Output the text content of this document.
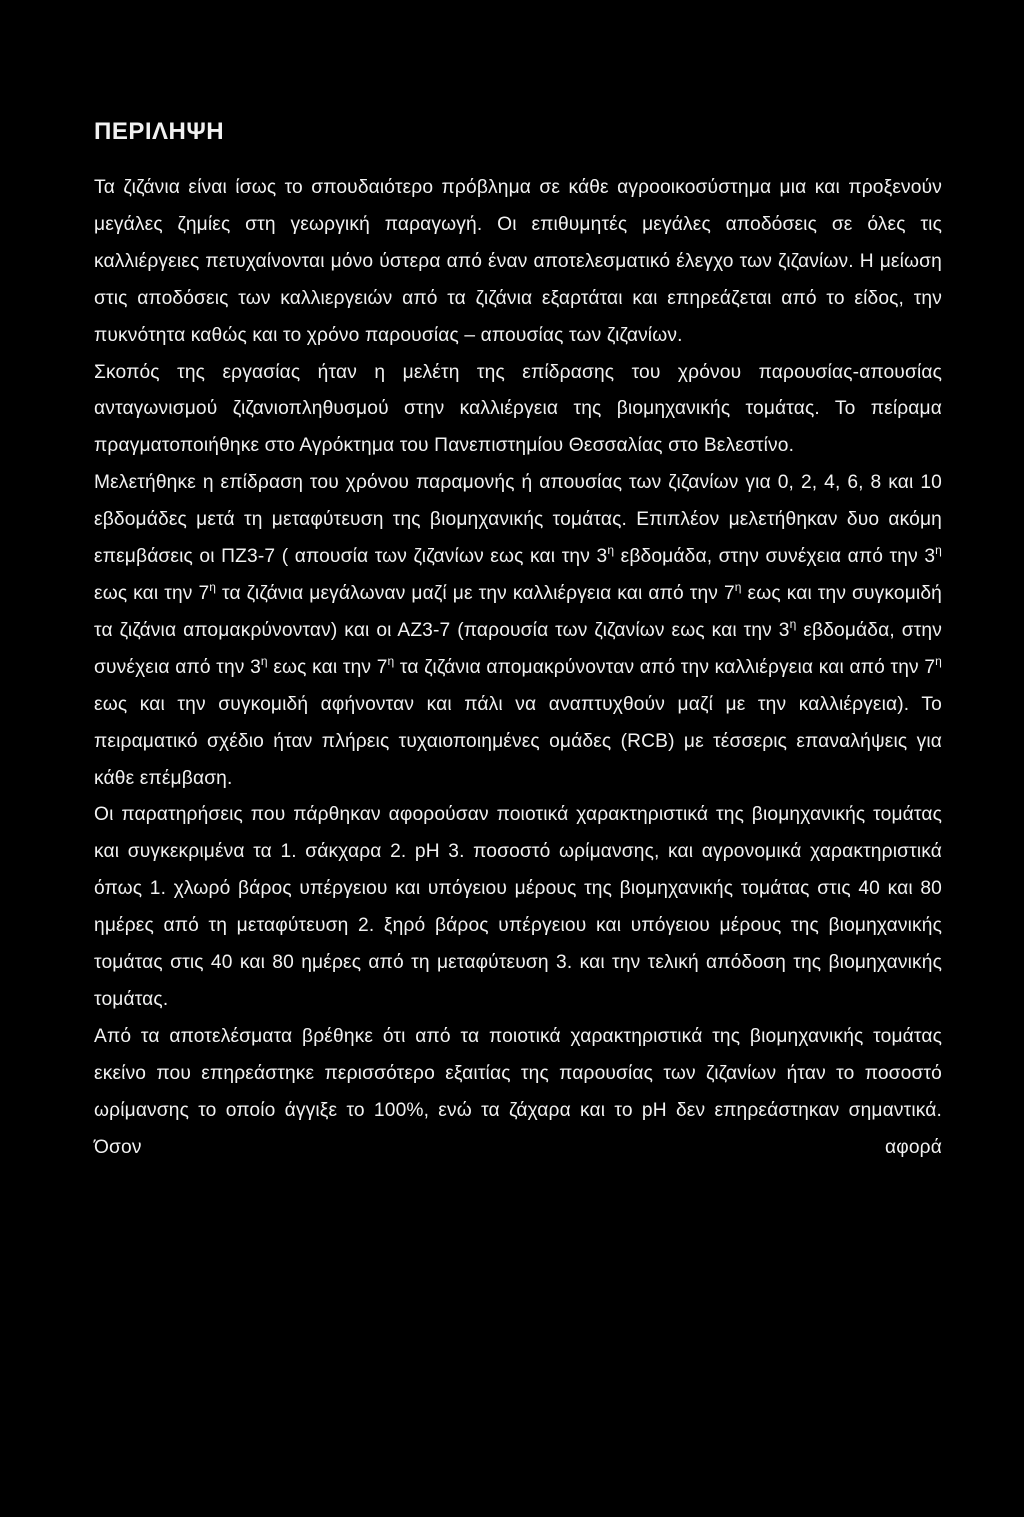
ΠΕΡΙΛΗΨΗ

Τα ζιζάνια είναι ίσως το σπουδαιότερο πρόβλημα σε κάθε αγροοικοσύστημα μια και προξενούν μεγάλες ζημίες στη γεωργική παραγωγή. Οι επιθυμητές μεγάλες αποδόσεις σε όλες τις καλλιέργειες πετυχαίνονται μόνο ύστερα από έναν αποτελεσματικό έλεγχο των ζιζανίων. Η μείωση στις αποδόσεις των καλλιεργειών από τα ζιζάνια εξαρτάται και επηρεάζεται από το είδος, την πυκνότητα καθώς και το χρόνο παρουσίας – απουσίας των ζιζανίων.

Σκοπός της εργασίας ήταν η μελέτη της επίδρασης του χρόνου παρουσίας-απουσίας ανταγωνισμού ζιζανιοπληθυσμού στην καλλιέργεια της βιομηχανικής τομάτας. Το πείραμα πραγματοποιήθηκε στο Αγρόκτημα του Πανεπιστημίου Θεσσαλίας στο Βελεστίνο.

Μελετήθηκε η επίδραση του χρόνου παραμονής ή απουσίας των ζιζανίων για 0, 2, 4, 6, 8 και 10 εβδομάδες μετά τη μεταφύτευση της βιομηχανικής τομάτας. Επιπλέον μελετήθηκαν δυο ακόμη επεμβάσεις οι ΠΖ3-7 ( απουσία των ζιζανίων εως και την $3^\eta$ εβδομάδα, στην συνέχεια από την $3^\eta$ εως και την $7^\eta$ τα ζιζάνια μεγάλωναν μαζί με την καλλιέργεια και από την $7^\eta$ εως και την συγκομιδή τα ζιζάνια απομακρύνονταν) και οι ΑΖ3-7 (παρουσία των ζιζανίων εως και την $3^\eta$ εβδομάδα, στην συνέχεια από την $3^\eta$ εως και την $7^\eta$ τα ζιζάνια απομακρύνονταν από την καλλιέργεια και από την $7^\eta$ εως και την συγκομιδή αφήνονταν και πάλι να αναπτυχθούν μαζί με την καλλιέργεια). Το πειραματικό σχέδιο ήταν πλήρεις τυχαιοποιημένες ομάδες (RCB) με τέσσερις επαναλήψεις για κάθε επέμβαση.

Οι παρατηρήσεις που πάρθηκαν αφορούσαν ποιοτικά χαρακτηριστικά της βιομηχανικής τομάτας και συγκεκριμένα τα 1. σάκχαρα 2. pH 3. ποσοστό ωρίμανσης, και αγρονομικά χαρακτηριστικά όπως 1. χλωρό βάρος υπέργειου και υπόγειου μέρους της βιομηχανικής τομάτας στις 40 και 80 ημέρες από τη μεταφύτευση 2. ξηρό βάρος υπέργειου και υπόγειου μέρους της βιομηχανικής τομάτας στις 40 και 80 ημέρες από τη μεταφύτευση 3. και την τελική απόδοση της βιομηχανικής τομάτας.

Από τα αποτελέσματα βρέθηκε ότι από τα ποιοτικά χαρακτηριστικά της βιομηχανικής τομάτας εκείνο που επηρεάστηκε περισσότερο εξαιτίας της παρουσίας των ζιζανίων ήταν το ποσοστό ωρίμανσης το οποίο άγγιξε το 100%, ενώ τα ζάχαρα και το pH δεν επηρεάστηκαν σημαντικά. Όσον αφορά
